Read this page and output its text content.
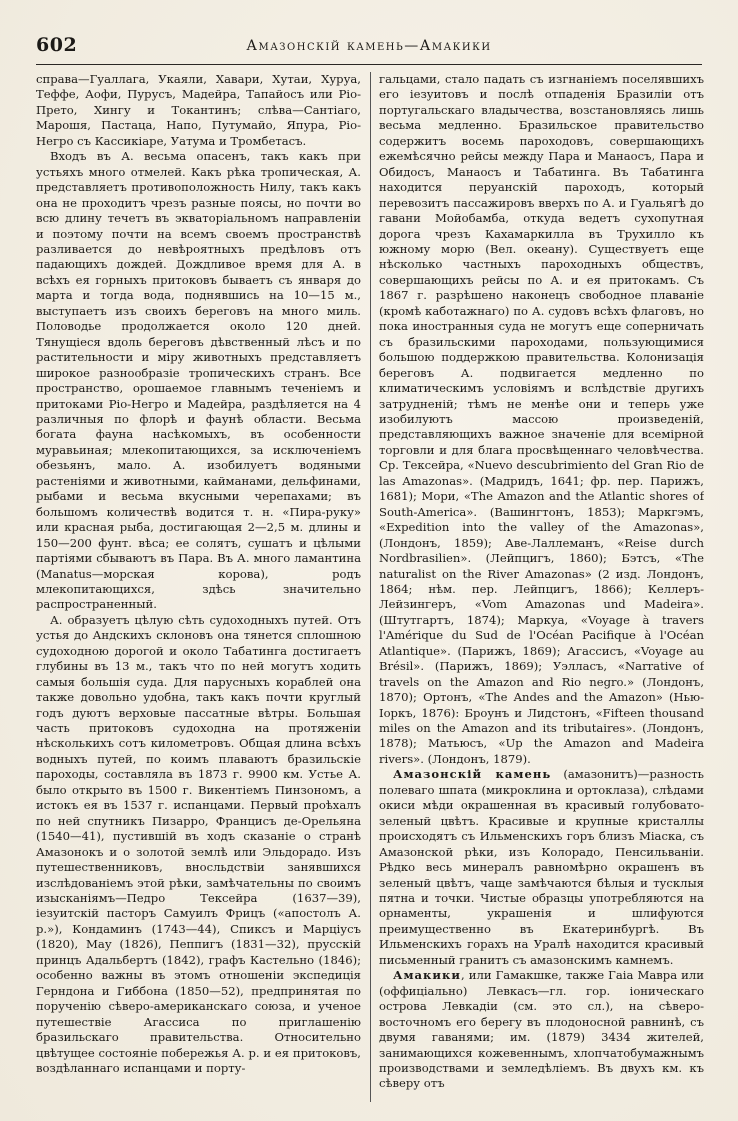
602	Амазонскій камень—Амакики

справа—Гуаллага, Укаяли, Хавари, Хутаи, Хуруа, Теффе, Аофи, Пурусъ, Мадейра, Тапайосъ или Ріо-Прето, Хингу и Токантинъ; слѣва—Сантіаго, Марошя, Пастаца, Напо, Путумайо, Япура, Ріо-Негро съ Кассикіаре, Уатума и Тромбетасъ.

Входъ въ А. весьма опасенъ, такъ какъ при устьяхъ много отмелей. Какъ рѣка тропическая, А. представляетъ противоположность Нилу, такъ какъ она не проходитъ чрезъ разные поясы, но почти во всю длину течетъ въ экваторіальномъ направленіи и поэтому почти на всемъ своемъ пространствѣ разливается до невѣроятныхъ предѣловъ отъ падающихъ дождей. Дождливое время для А. в всѣхъ ея горныхъ притоковъ бываетъ съ января до марта и тогда вода, поднявшись на 10—15 м., выступаетъ изъ своихъ береговъ на много миль. Половодье продолжается около 120 дней. Тянущіеся вдоль береговъ дѣвственный лѣсъ и по растительности и міру животныхъ представляетъ широкое разнообразіе тропическихъ странъ. Все пространство, орошаемое главнымъ теченіемъ и притоками Ріо-Негро и Мадейра, раздѣляется на 4 различныя по флорѣ и фаунѣ области. Весьма богата фауна насѣкомыхъ, въ особенности муравьиная; млекопитающихся, за исключеніемъ обезьянъ, мало. А. изобилуетъ водяными растеніями и животными, кайманами, дельфинами, рыбами и весьма вкусными черепахами; въ большомъ количествѣ водится т. н. «Пира-руку» или красная рыба, достигающая 2—2,5 м. длины и 150—200 фунт. вѣса; ее солятъ, сушатъ и цѣлыми партіями сбываютъ въ Пара. Въ А. много ламантина (Manatus—морская корова), родъ млекопитающихся, здѣсь значительно распространенный.

А. образуетъ цѣлую сѣть судоходныхъ путей. Отъ устья до Андскихъ склоновъ она тянется сплошною судоходною дорогой и около Табатинга достигаетъ глубины въ 13 м., такъ что по ней могутъ ходить самыя большія суда. Для парусныхъ кораблей она также довольно удобна, такъ какъ почти круглый годъ дуютъ верховые пассатные вѣтры. Большая часть притоковъ судоходна на протяженіи нѣсколькихъ сотъ километровъ. Общая длина всѣхъ водныхъ путей, по коимъ плаваютъ бразильскіе пароходы, составляла въ 1873 г. 9900 км. Устье А. было открыто въ 1500 г. Викентіемъ Пинзономъ, а истокъ ея въ 1537 г. испанцами. Первый проѣхалъ по ней спутникъ Пизарро, Францисъ де-Орельяна (1540—41), пустившій въ ходъ сказаніе о странѣ Амазонокъ и о золотой землѣ или Эльдорадо. Изъ путешественниковъ, вносльдствіи занявшихся изслѣдованіемъ этой рѣки, замѣчательны по своимъ изысканіямъ—Педро Тексейра (1637—39), іезуитскій пасторъ Самуилъ Фрицъ («апостолъ А. р.»), Кондаминъ (1743—44), Спиксъ и Марціусъ (1820), Мау (1826), Пеппигъ (1831—32), прусскій принцъ Адальбертъ (1842), графъ Кастельно (1846); особенно важны въ этомъ отношеніи экспедиція Герндона и Гиббона (1850—52), предпринятая по порученію сѣверо-американскаго союза, и ученое путешествіе Агассиса по приглашенію бразильскаго правительства. Относительно цвѣтущее состояніе побережья А. р. и ея притоковъ, воздѣланнаго испанцами и порту-

гальцами, стало падать съ изгнаніемъ поселявшихъ его іезуитовъ и послѣ отпаденія Бразиліи отъ португальскаго владычества, возстановляясь лишь весьма медленно. Бразильское правительство содержитъ восемь пароходовъ, совершающихъ ежемѣсячно рейсы между Пара и Манаосъ, Пара и Обидосъ, Манаосъ и Табатинга. Въ Табатинга находится перуанскій пароходъ, который перевозитъ пассажировъ вверхъ по А. и Гуальягѣ до гавани Мойобамба, откуда ведетъ сухопутная дорога чрезъ Кахамаркилла въ Трухилло къ южному морю (Вел. океану). Существуетъ еще нѣсколько частныхъ пароходныхъ обществъ, совершающихъ рейсы по А. и ея притокамъ. Съ 1867 г. разрѣшено наконецъ свободное плаваніе (кромѣ каботажнаго) по А. судовъ всѣхъ флаговъ, но пока иностранныя суда не могутъ еще соперничать съ бразильскими пароходами, пользующимися большою поддержкою правительства. Колонизація береговъ А. подвигается медленно по климатическимъ условіямъ и вслѣдствіе другихъ затрудненій; тѣмъ не менѣе они и теперь уже изобилуютъ массою произведеній, представляющихъ важное значеніе для всемірной торговли и для блага просвѣщеннаго человѣчества. Ср. Тексейра, «Nuevo descubrimiento del Gran Rio de las Amazonas». (Мадридъ, 1641; фр. пер. Парижъ, 1681); Мори, «The Amazon and the Atlantic shores of South-America». (Вашингтонъ, 1853); Маркгэмъ, «Expedition into the valley of the Amazonas», (Лондонъ, 1859); Аве-Лаллеманъ, «Reise durch Nordbrasilien». (Лейпцигъ, 1860); Бэтсъ, «The naturalist on the River Amazonas» (2 изд. Лондонъ, 1864; нѣм. пер. Лейпцигъ, 1866); Келлеръ-Лейзингеръ, «Vom Amazonas und Madeira». (Штутгартъ, 1874); Маркуа, «Voyage à travers l'Amérique du Sud de l'Océan Pacifique à l'Océan Atlantique». (Парижъ, 1869); Агассисъ, «Voyage au Brésil». (Парижъ, 1869); Уэлласъ, «Narrative of travels on the Amazon and Rio negro.» (Лондонъ, 1870); Ортонъ, «The Andes and the Amazon» (Нью-Іоркъ, 1876): Броунъ и Лидстонъ, «Fifteen thousand miles on the Amazon and its tributaires». (Лондонъ, 1878); Матьюсъ, «Up the Amazon and Madeira rivers». (Лондонъ, 1879).

Амазонскій камень (амазонитъ)—разность полеваго шпата (микроклина и ортоклаза), слѣдами окиси мѣди окрашенная въ красивый голубовато-зеленый цвѣтъ. Красивые и крупные кристаллы происходятъ съ Ильменскихъ горъ близъ Міаска, съ Амазонской рѣки, изъ Колорадо, Пенсильваніи. Рѣдко весь минералъ равномѣрно окрашенъ въ зеленый цвѣтъ, чаще замѣчаются бѣлыя и тусклыя пятна и точки. Чистые образцы употребляются на орнаменты, украшенія и шлифуются преимущественно въ Екатеринбургѣ. Въ Ильменскихъ горахъ на Уралѣ находится красивый письменный гранитъ съ амазонскимъ камнемъ.

Амакики, или Гамакшке, также Гаіа Мавра или (оффиціально) Левкасъ—гл. гор. іоническаго острова Левкадіи (см. это сл.), на сѣверо-восточномъ его берегу въ плодоносной равнинѣ, съ двумя гаванями; им. (1879) 3434 жителей, занимающихся кожевеннымъ, хлопчатобумажнымъ производствами и земледѣліемъ. Въ двухъ км. къ сѣверу отъ
